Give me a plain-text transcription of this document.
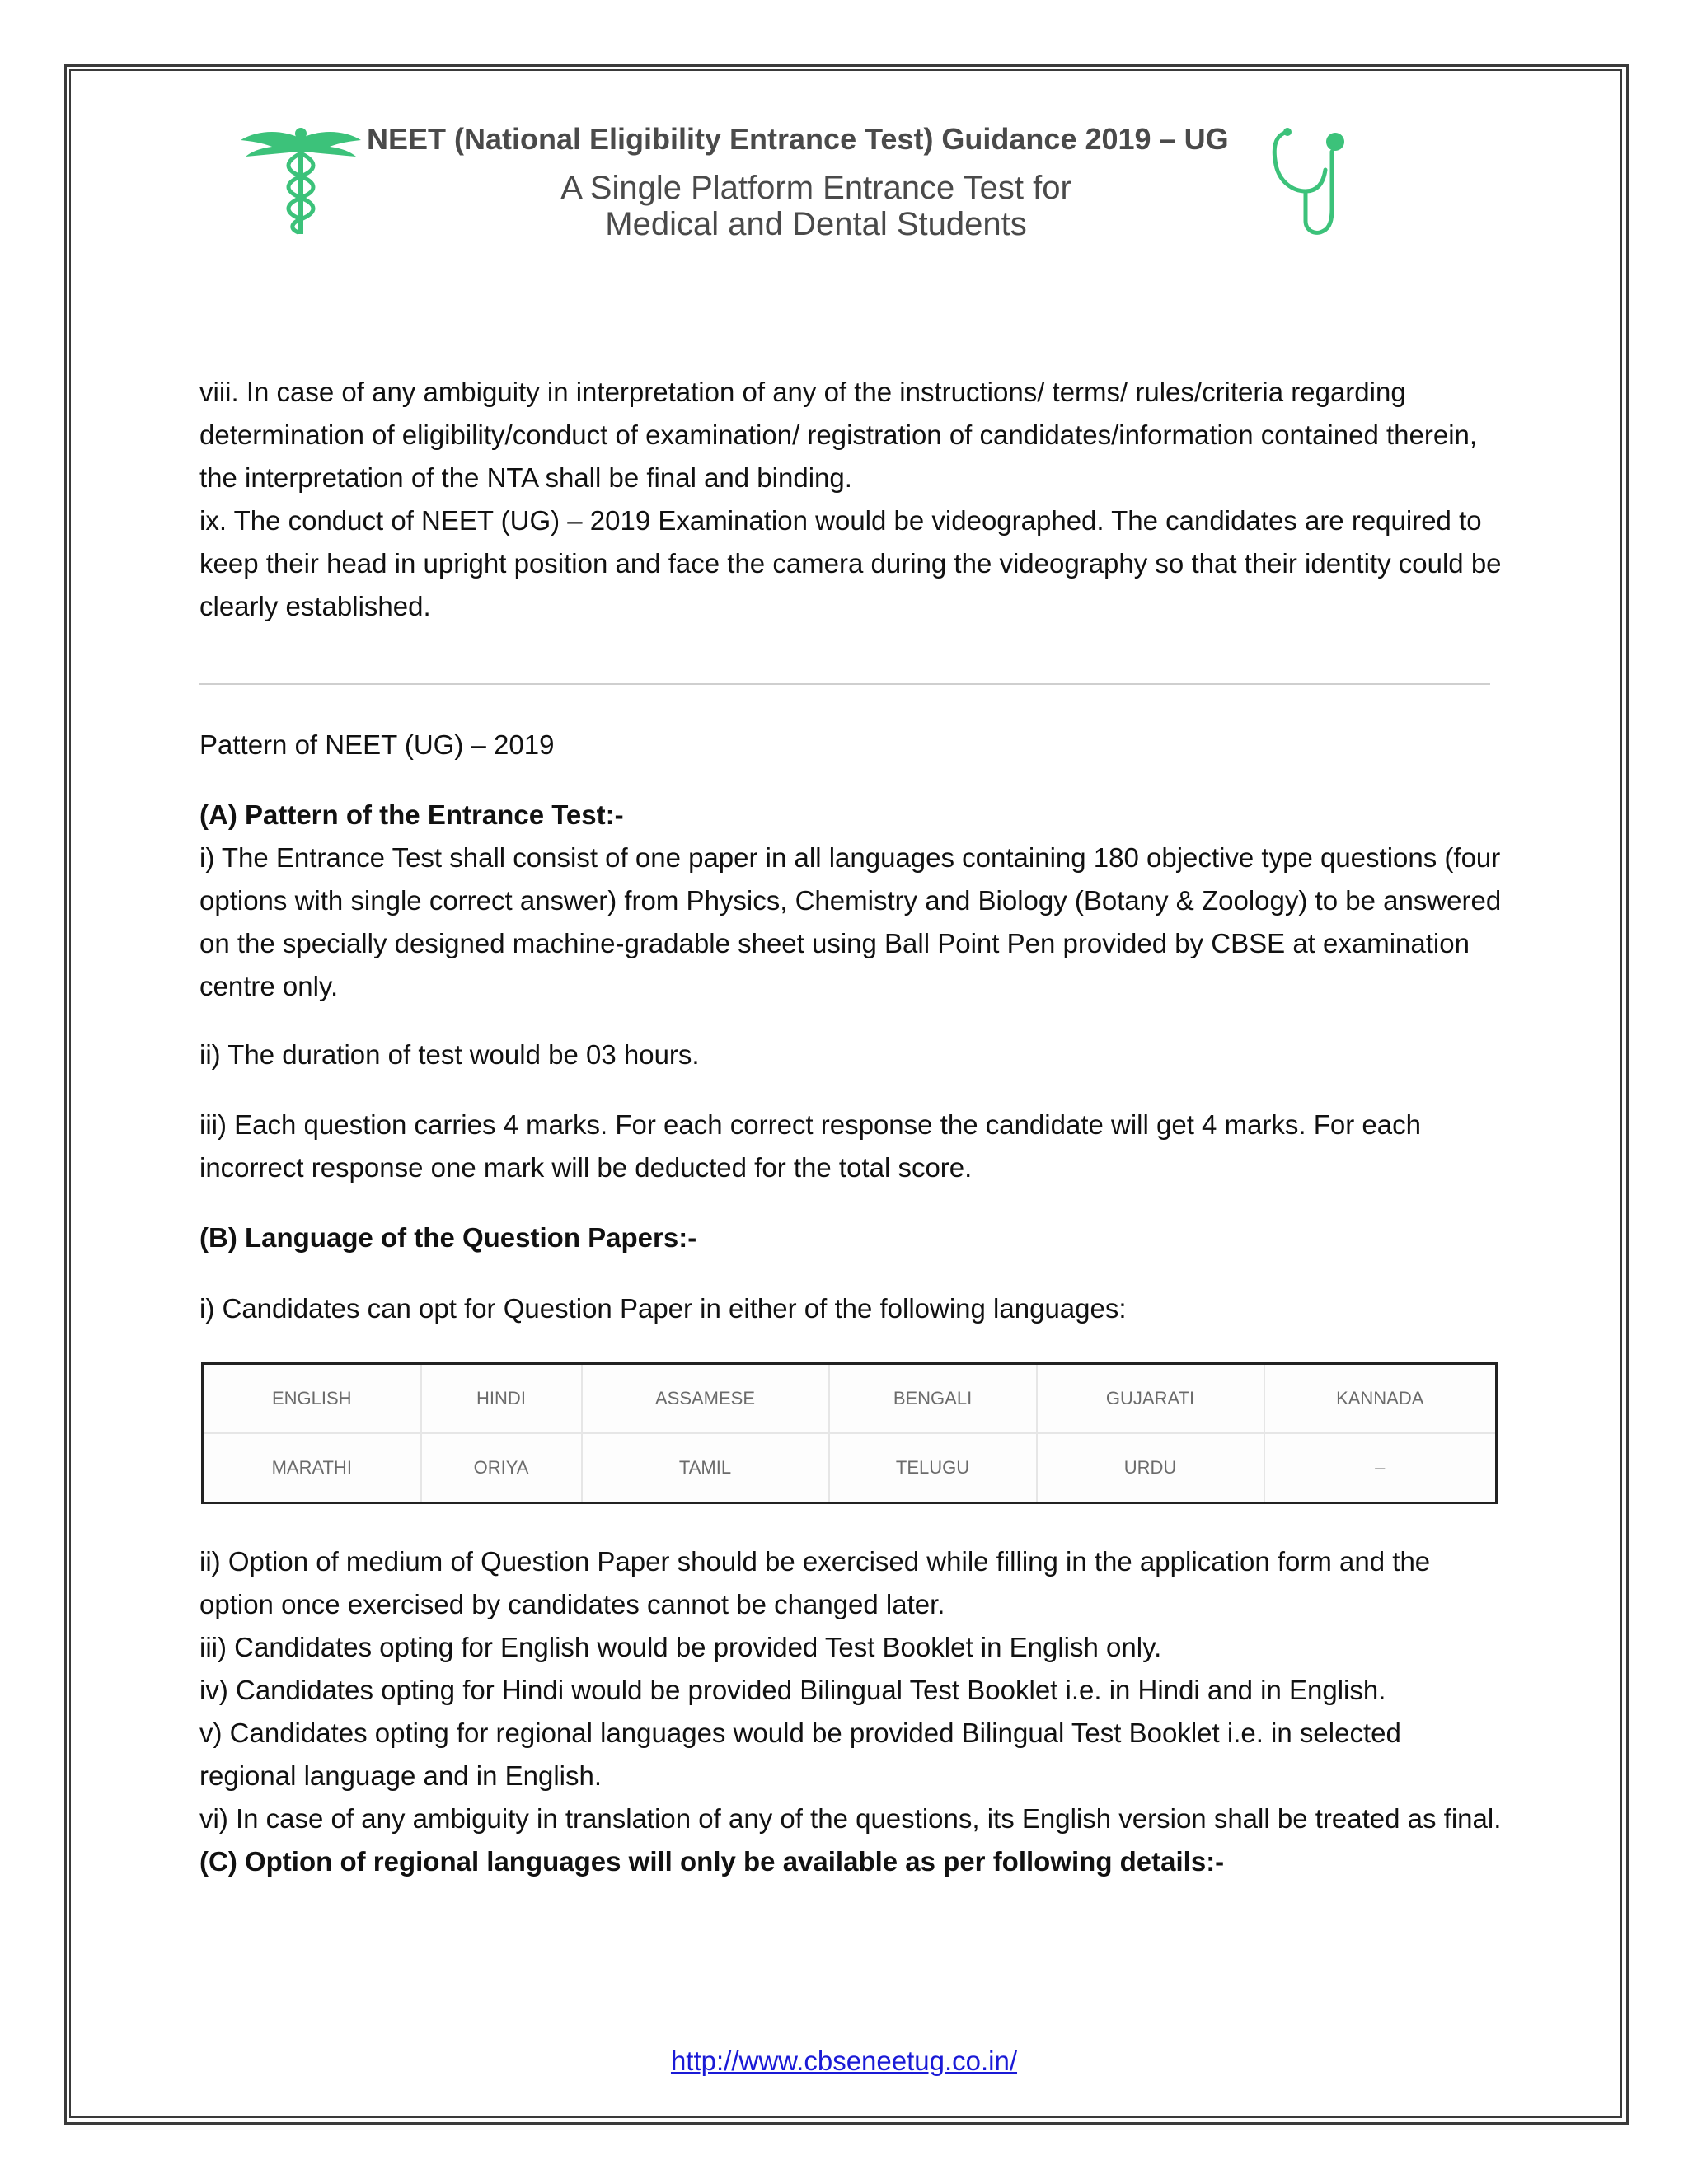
NEET (National Eligibility Entrance Test) Guidance 2019 – UG
A Single Platform Entrance Test for
Medical and Dental Students

viii. In case of any ambiguity in interpretation of any of the instructions/ terms/ rules/criteria regarding determination of eligibility/conduct of examination/ registration of candidates/information contained therein, the interpretation of the NTA shall be final and binding.

ix. The conduct of NEET (UG) – 2019 Examination would be videographed. The candidates are required to keep their head in upright position and face the camera during the videography so that their identity could be clearly established.

Pattern of NEET (UG) – 2019

(A) Pattern of the Entrance Test:-

i) The Entrance Test shall consist of one paper in all languages containing 180 objective type questions (four options with single correct answer) from Physics, Chemistry and Biology (Botany & Zoology) to be answered on the specially designed machine-gradable sheet using Ball Point Pen provided by CBSE at examination centre only.

ii) The duration of test would be 03 hours.
iii) Each question carries 4 marks. For each correct response the candidate will get 4 marks. For each incorrect response one mark will be deducted for the total score.
(B) Language of the Question Papers:-
i) Candidates can opt for Question Paper in either of the following languages:
ENGLISH	HINDI	ASSAMESE	BENGALI	GUJARATI	KANNADA
MARATHI	ORIYA	TAMIL	TELUGU	URDU	–

ii) Option of medium of Question Paper should be exercised while filling in the application form and the option once exercised by candidates cannot be changed later.

iii) Candidates opting for English would be provided Test Booklet in English only.

iv) Candidates opting for Hindi would be provided Bilingual Test Booklet i.e. in Hindi and in English.

v) Candidates opting for regional languages would be provided Bilingual Test Booklet i.e. in selected regional language and in English.

vi) In case of any ambiguity in translation of any of the questions, its English version shall be treated as final.

(C) Option of regional languages will only be available as per following details:-

http://www.cbseneetug.co.in/
